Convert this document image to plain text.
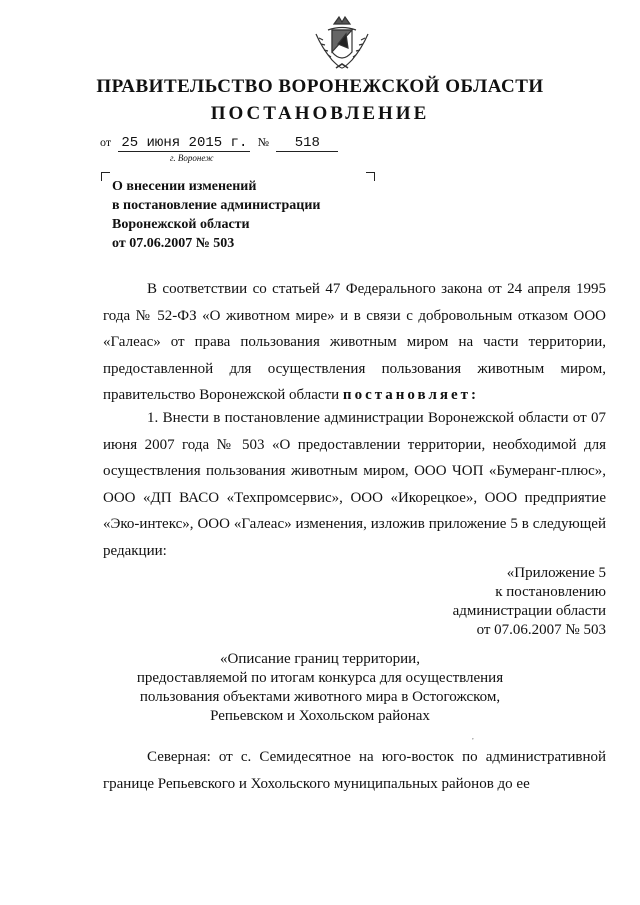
ПРАВИТЕЛЬСТВО ВОРОНЕЖСКОЙ ОБЛАСТИ
ПОСТАНОВЛЕНИЕ
от 25 июня 2015 г. № 518
г. Воронеж
О внесении изменений
в постановление администрации
Воронежской области
от 07.06.2007 № 503
В соответствии со статьей 47 Федерального закона от 24 апреля 1995 года № 52-ФЗ «О животном мире» и в связи с добровольным отказом ООО «Галеас» от права пользования животным миром на части территории, предоставленной для осуществления пользования животным миром, правительство Воронежской области постановляет:
1. Внести в постановление администрации Воронежской области от 07 июня 2007 года № 503 «О предоставлении территории, необходимой для осуществления пользования животным миром, ООО ЧОП «Бумеранг-плюс», ООО «ДП ВАСО «Техпромсервис», ООО «Икорецкое», ООО предприятие «Эко-интекс», ООО «Галеас» изменения, изложив приложение 5 в следующей редакции:
«Приложение 5
к постановлению
администрации области
от 07.06.2007 № 503
«Описание границ территории,
предоставляемой по итогам конкурса для осуществления
пользования объектами животного мира в Остогожском,
Репьевском и Хохольском районах
,
Северная: от с. Семидесятное на юго-восток по административной границе Репьевского и Хохольского муниципальных районов до ее
